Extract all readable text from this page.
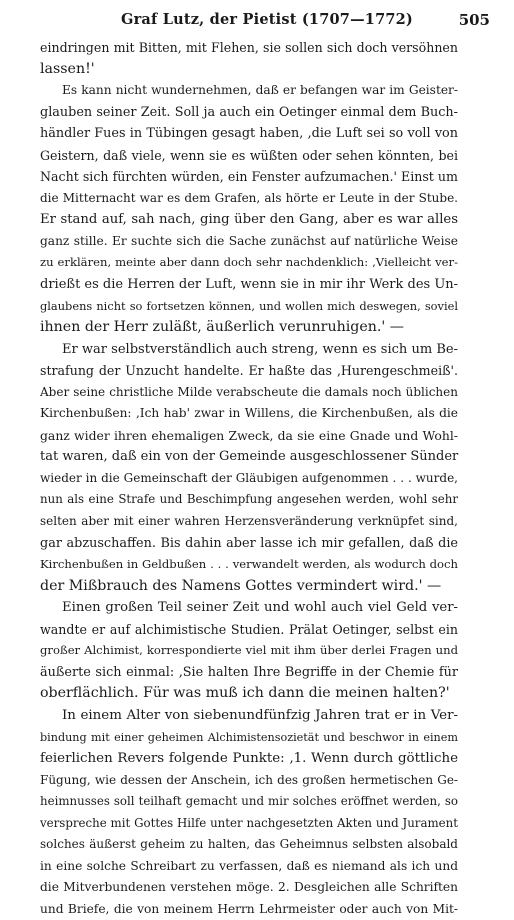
Graf Lutz, der Pietist (1707—1772)	505
eindringen mit Bitten, mit Flehen, sie sollen sich doch versöhnen
lassen!'
Es kann nicht wundernehmen, daß er befangen war im Geister-
glauben seiner Zeit. Soll ja auch ein Oetinger einmal dem Buch-
händler Fues in Tübingen gesagt haben, ‚die Luft sei so voll von
Geistern, daß viele, wenn sie es wüßten oder sehen könnten, bei
Nacht sich fürchten würden, ein Fenster aufzumachen.' Einst um
die Mitternacht war es dem Grafen, als hörte er Leute in der Stube.
Er stand auf, sah nach, ging über den Gang, aber es war alles
ganz stille. Er suchte sich die Sache zunächst auf natürliche Weise
zu erklären, meinte aber dann doch sehr nachdenklich: ‚Vielleicht ver-
drießt es die Herren der Luft, wenn sie in mir ihr Werk des Un-
glaubens nicht so fortsetzen können, und wollen mich deswegen, soviel
ihnen der Herr zuläßt, äußerlich verunruhigen.' —
Er war selbstverständlich auch streng, wenn es sich um Be-
strafung der Unzucht handelte. Er haßte das ‚Hurengeschmeiß'.
Aber seine christliche Milde verabscheute die damals noch üblichen
Kirchenbußen: ‚Ich hab' zwar in Willens, die Kirchenbußen, als die
ganz wider ihren ehemaligen Zweck, da sie eine Gnade und Wohl-
tat waren, daß ein von der Gemeinde ausgeschlossener Sünder
wieder in die Gemeinschaft der Gläubigen aufgenommen . . . wurde,
nun als eine Strafe und Beschimpfung angesehen werden, wohl sehr
selten aber mit einer wahren Herzensveränderung verknüpfet sind,
gar abzuschaffen. Bis dahin aber lasse ich mir gefallen, daß die
Kirchenbußen in Geldbußen . . . verwandelt werden, als wodurch doch
der Mißbrauch des Namens Gottes vermindert wird.' —
Einen großen Teil seiner Zeit und wohl auch viel Geld ver-
wandte er auf alchimistische Studien. Prälat Oetinger, selbst ein
großer Alchimist, korrespondierte viel mit ihm über derlei Fragen und
äußerte sich einmal: ‚Sie halten Ihre Begriffe in der Chemie für
oberflächlich. Für was muß ich dann die meinen halten?'
In einem Alter von siebenundfünfzig Jahren trat er in Ver-
bindung mit einer geheimen Alchimistensozietät und beschwor in einem
feierlichen Revers folgende Punkte: ‚1. Wenn durch göttliche
Fügung, wie dessen der Anschein, ich des großen hermetischen Ge-
heimnusses soll teilhaft gemacht und mir solches eröffnet werden, so
verspreche mit Gottes Hilfe unter nachgesetzten Akten und Jurament
solches äußerst geheim zu halten, das Geheimnus selbsten alsobald
in eine solche Schreibart zu verfassen, daß es niemand als ich und
die Mitverbundenen verstehen möge. 2. Desgleichen alle Schriften
und Briefe, die von meinem Herrn Lehrmeister oder auch von Mit-
